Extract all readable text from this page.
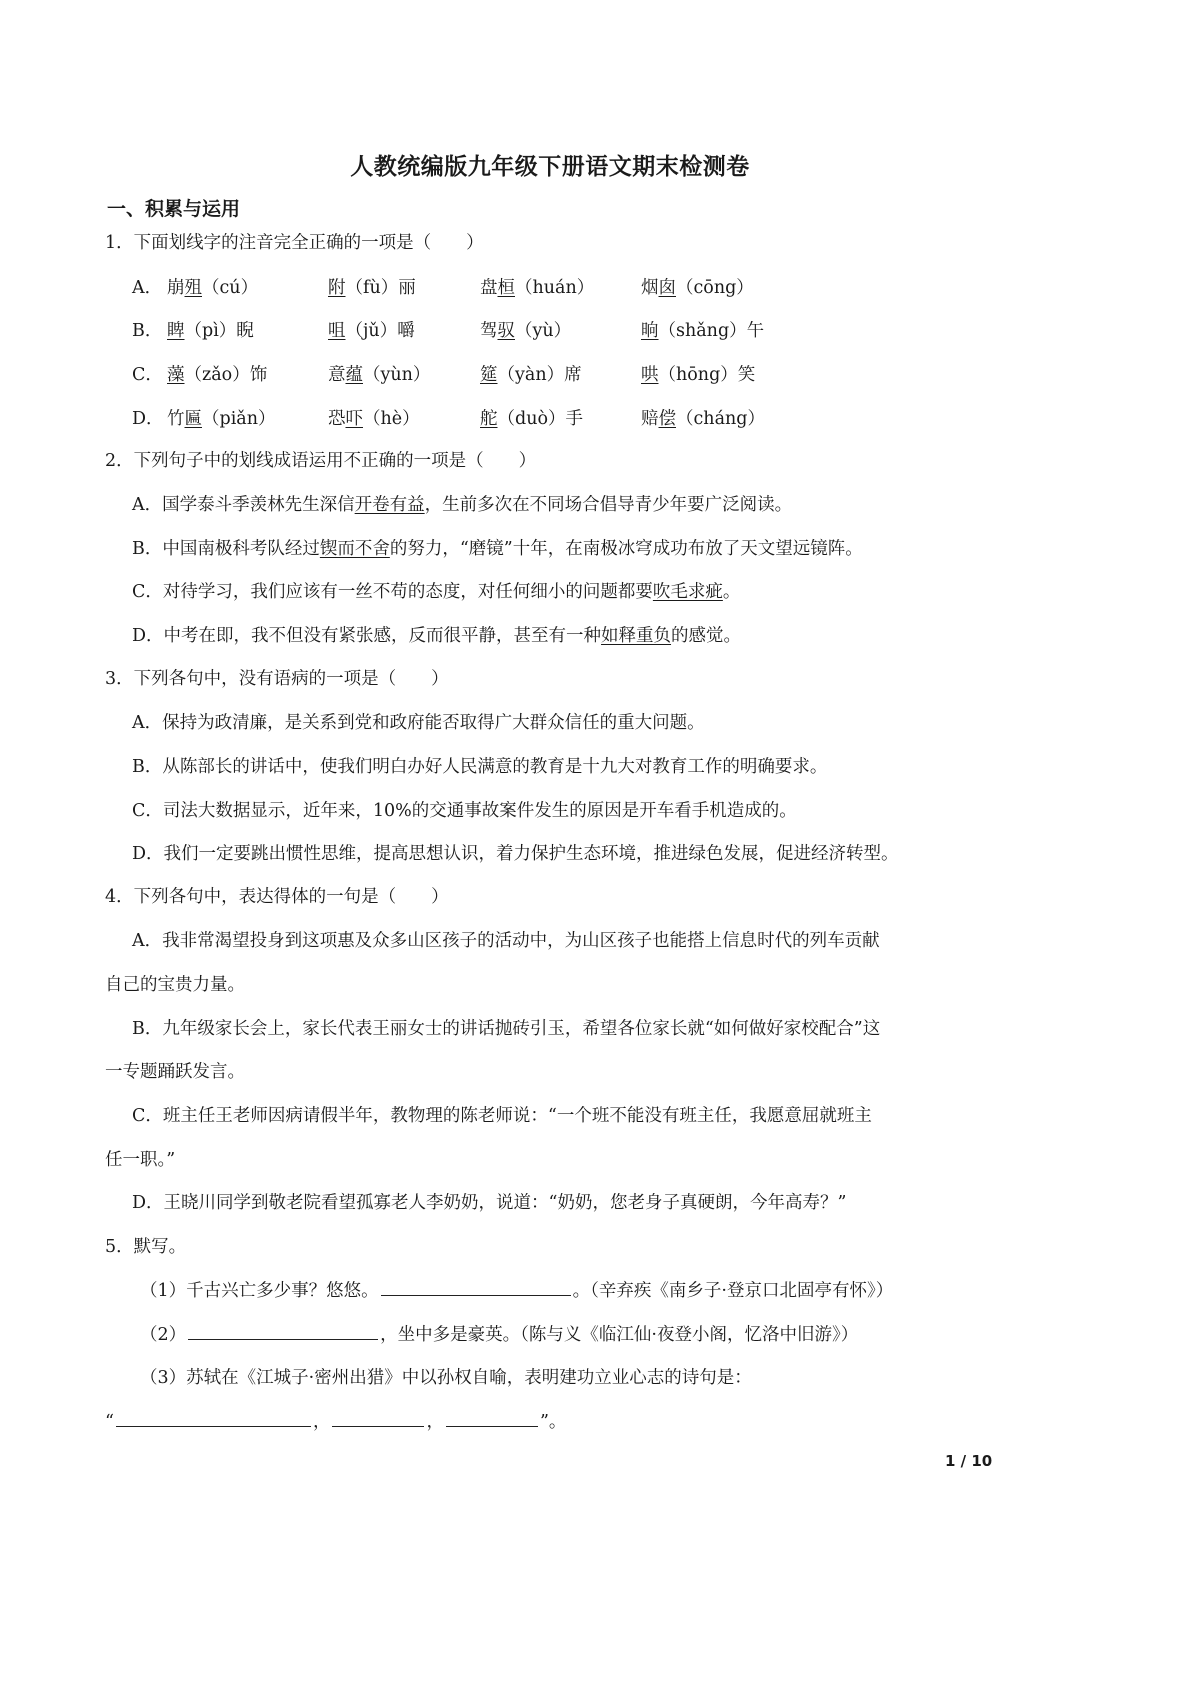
人教统编版九年级下册语文期末检测卷
一、积累与运用
1．下面划线字的注音完全正确的一项是（　　）
A． 崩殂（cú）	附（fù）丽	盘桓（huán）	烟囱（cōng）
B． 睥（pì）睨	咀（jǔ）嚼	驾驭（yù）	晌（shǎng）午
C． 藻（zǎo）饰	意蕴（yùn）	筵（yàn）席	哄（hōng）笑
D． 竹匾（piǎn）	恐吓（hè）	舵（duò）手	赔偿（cháng）
2．下列句子中的划线成语运用不正确的一项是（　　）
A．国学泰斗季羡林先生深信开卷有益，生前多次在不同场合倡导青少年要广泛阅读。
B．中国南极科考队经过锲而不舍的努力，“磨镜”十年，在南极冰穹成功布放了天文望远镜阵。
C．对待学习，我们应该有一丝不苟的态度，对任何细小的问题都要吹毛求疵。
D．中考在即，我不但没有紧张感，反而很平静，甚至有一种如释重负的感觉。
3．下列各句中，没有语病的一项是（　　）
A．保持为政清廉，是关系到党和政府能否取得广大群众信任的重大问题。
B．从陈部长的讲话中，使我们明白办好人民满意的教育是十九大对教育工作的明确要求。
C．司法大数据显示，近年来，10%的交通事故案件发生的原因是开车看手机造成的。
D．我们一定要跳出惯性思维，提高思想认识，着力保护生态环境，推进绿色发展，促进经济转型。
4．下列各句中，表达得体的一句是（　　）
A．我非常渴望投身到这项惠及众多山区孩子的活动中，为山区孩子也能搭上信息时代的列车贡献
自己的宝贵力量。
B．九年级家长会上，家长代表王丽女士的讲话抛砖引玉，希望各位家长就“如何做好家校配合”这
一专题踊跃发言。
C．班主任王老师因病请假半年，教物理的陈老师说：“一个班不能没有班主任，我愿意屈就班主
任一职。”
D．王晓川同学到敬老院看望孤寡老人李奶奶，说道：“奶奶，您老身子真硬朗，今年高寿？”
5．默写。
（1）千古兴亡多少事？悠悠。	。（辛弃疾《南乡子·登京口北固亭有怀》）
（2）	，坐中多是豪英。（陈与义《临江仙·夜登小阁，忆洛中旧游》）
（3）苏轼在《江城子·密州出猎》中以孙权自喻，表明建功立业心志的诗句是：
“	，	，	”。
1 / 10
